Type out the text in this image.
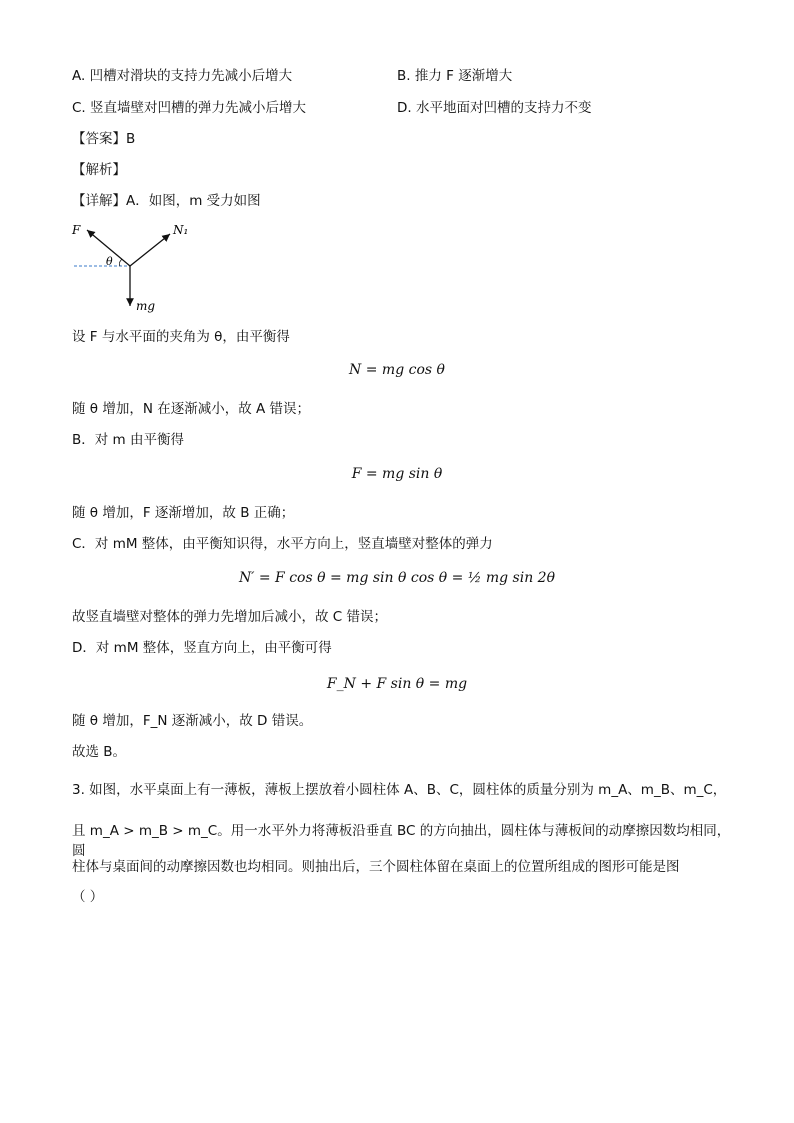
A. 凹槽对滑块的支持力先减小后增大	B. 推力 F 逐渐增大
C. 竖直墙壁对凹槽的弹力先减小后增大	D. 水平地面对凹槽的支持力不变
【答案】B
【解析】
【详解】A．如图，m 受力如图
F	N₁
θ
mg
设 F 与水平面的夹角为 θ，由平衡得
N = mg cos θ
随 θ 增加，N 在逐渐减小，故 A 错误；
B．对 m 由平衡得
F = mg sin θ
随 θ 增加，F 逐渐增加，故 B 正确；
C．对 mM 整体，由平衡知识得，水平方向上，竖直墙壁对整体的弹力
N′ = F cos θ = mg sin θ cos θ = ½ mg sin 2θ
故竖直墙壁对整体的弹力先增加后减小，故 C 错误；
D．对 mM 整体，竖直方向上，由平衡可得
F_N + F sin θ = mg
随 θ 增加，F_N 逐渐减小，故 D 错误。
故选 B。
3. 如图，水平桌面上有一薄板，薄板上摆放着小圆柱体 A、B、C，圆柱体的质量分别为 m_A、m_B、m_C，
且 m_A > m_B > m_C。用一水平外力将薄板沿垂直 BC 的方向抽出，圆柱体与薄板间的动摩擦因数均相同，圆
柱体与桌面间的动摩擦因数也均相同。则抽出后，三个圆柱体留在桌面上的位置所组成的图形可能是图
（ ）
